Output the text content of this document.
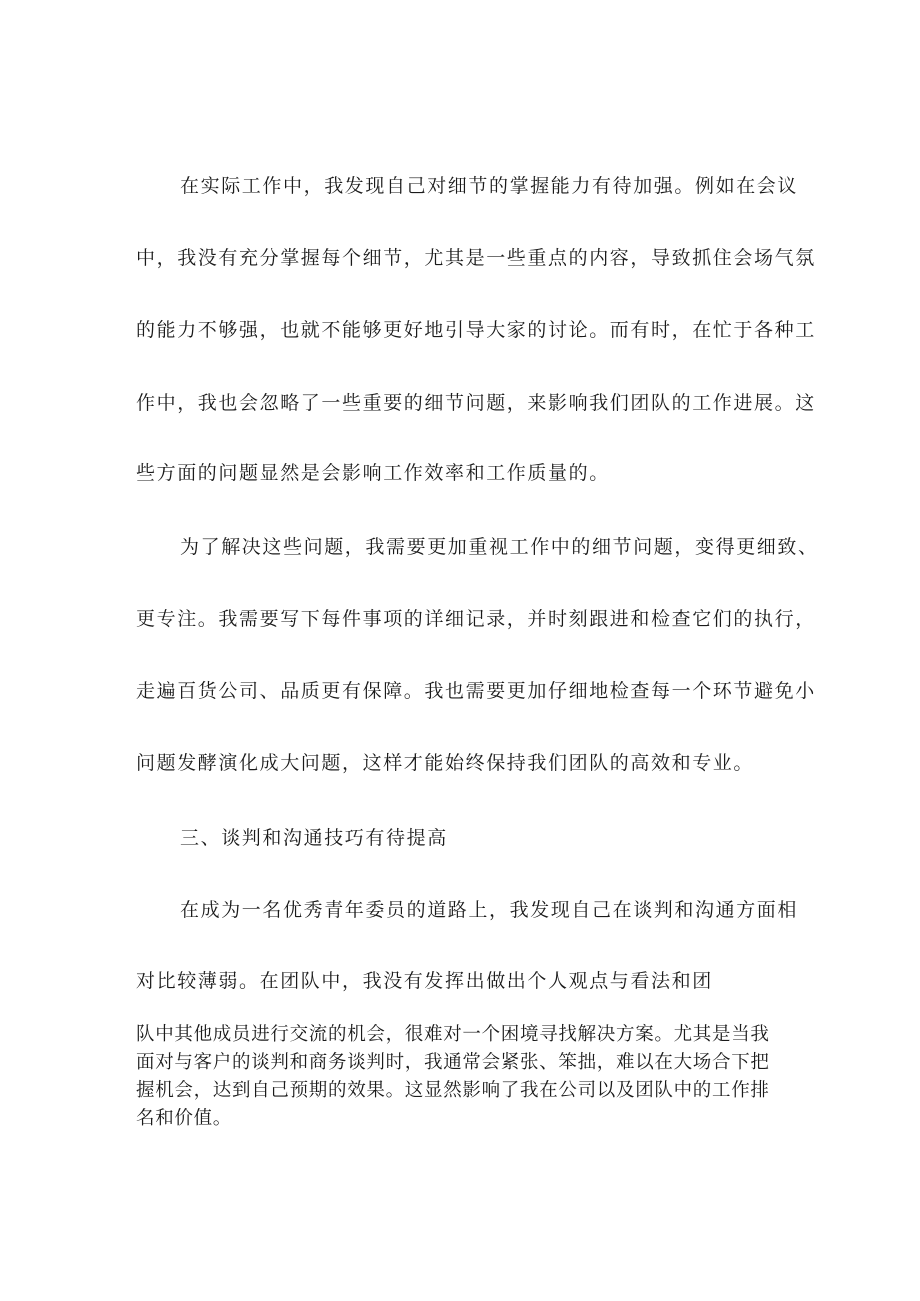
在实际工作中，我发现自己对细节的掌握能力有待加强。例如在会议
中，我没有充分掌握每个细节，尤其是一些重点的内容，导致抓住会场气氛
的能力不够强，也就不能够更好地引导大家的讨论。而有时，在忙于各种工
作中，我也会忽略了一些重要的细节问题，来影响我们团队的工作进展。这
些方面的问题显然是会影响工作效率和工作质量的。
为了解决这些问题，我需要更加重视工作中的细节问题，变得更细致、
更专注。我需要写下每件事项的详细记录，并时刻跟进和检查它们的执行，
走遍百货公司、品质更有保障。我也需要更加仔细地检查每一个环节避免小
问题发酵演化成大问题，这样才能始终保持我们团队的高效和专业。
三、谈判和沟通技巧有待提高
在成为一名优秀青年委员的道路上，我发现自己在谈判和沟通方面相
对比较薄弱。在团队中，我没有发挥出做出个人观点与看法和团
队中其他成员进行交流的机会，很难对一个困境寻找解决方案。尤其是当我
面对与客户的谈判和商务谈判时，我通常会紧张、笨拙，难以在大场合下把
握机会，达到自己预期的效果。这显然影响了我在公司以及团队中的工作排
名和价值。
